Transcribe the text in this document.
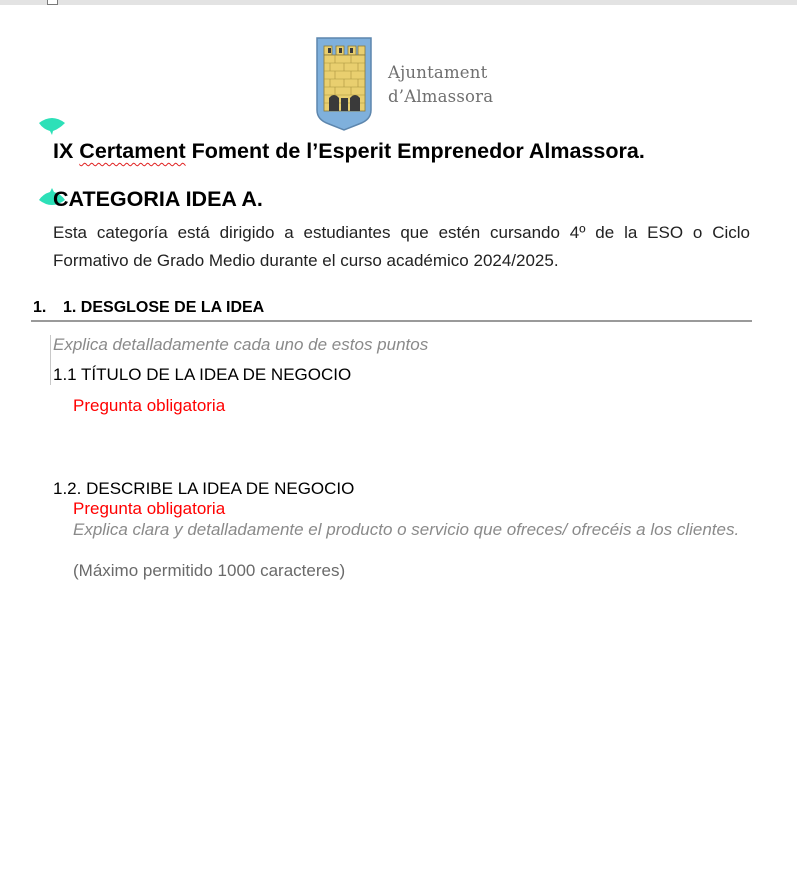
Ajuntament
d’Almassora
IX Certament Foment de l’Esperit Emprenedor Almassora.
CATEGORIA IDEA A.

Esta categoría está dirigido a estudiantes que estén cursando 4º de la ESO o Ciclo Formativo de Grado Medio durante el curso académico 2024/2025.

1. 1. DESGLOSE DE LA IDEA
Explica detalladamente cada uno de estos puntos
1.1 TÍTULO DE LA IDEA DE NEGOCIO
Pregunta obligatoria
1.2. DESCRIBE LA IDEA DE NEGOCIO
Pregunta obligatoria

Explica clara y detalladamente el producto o servicio que ofreces/ ofrecéis a los clientes.

(Máximo permitido 1000 caracteres)
